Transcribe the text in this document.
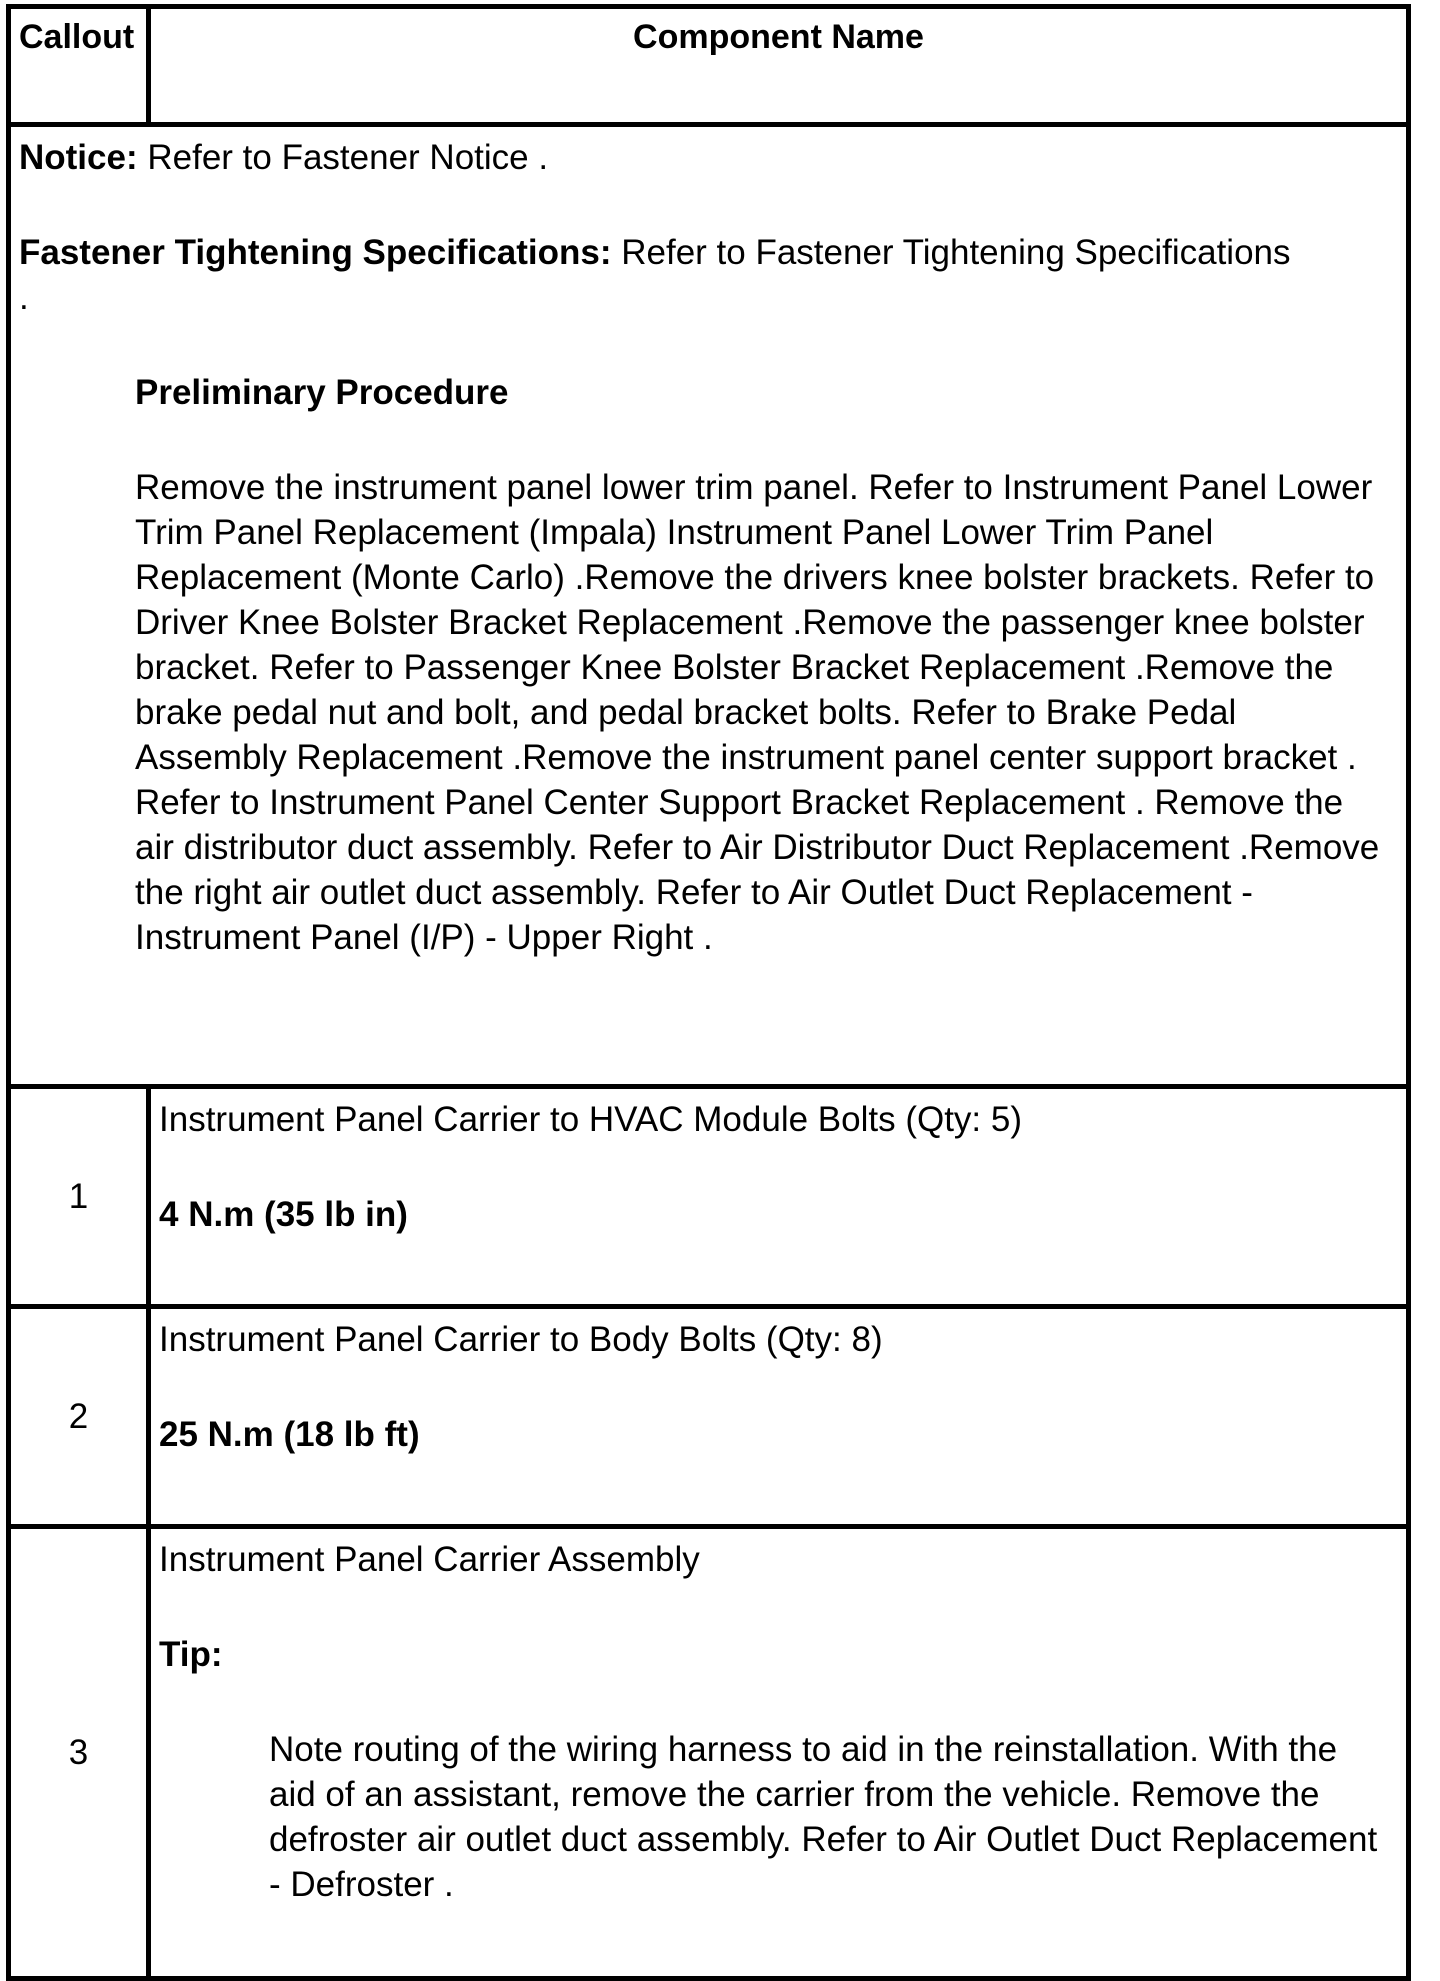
Callout	Component Name

Notice: Refer to Fastener Notice .
Fastener Tightening Specifications: Refer to Fastener Tightening Specifications
.
Preliminary Procedure
Remove the instrument panel lower trim panel. Refer to Instrument Panel Lower Trim Panel Replacement (Impala) Instrument Panel Lower Trim Panel Replacement (Monte Carlo) .Remove the drivers knee bolster brackets. Refer to Driver Knee Bolster Bracket Replacement .Remove the passenger knee bolster bracket. Refer to Passenger Knee Bolster Bracket Replacement .Remove the brake pedal nut and bolt, and pedal bracket bolts. Refer to Brake Pedal Assembly Replacement .Remove the instrument panel center support bracket . Refer to Instrument Panel Center Support Bracket Replacement . Remove the air distributor duct assembly. Refer to Air Distributor Duct Replacement .Remove the right air outlet duct assembly. Refer to Air Outlet Duct Replacement - Instrument Panel (I/P) - Upper Right .	

1	Instrument Panel Carrier to HVAC Module Bolts (Qty: 5)
4 N.m (35 lb in)

2	Instrument Panel Carrier to Body Bolts (Qty: 8)
25 N.m (18 lb ft)

3	Instrument Panel Carrier Assembly
Tip:
Note routing of the wiring harness to aid in the reinstallation. With the aid of an assistant, remove the carrier from the vehicle. Remove the defroster air outlet duct assembly. Refer to Air Outlet Duct Replacement - Defroster .
